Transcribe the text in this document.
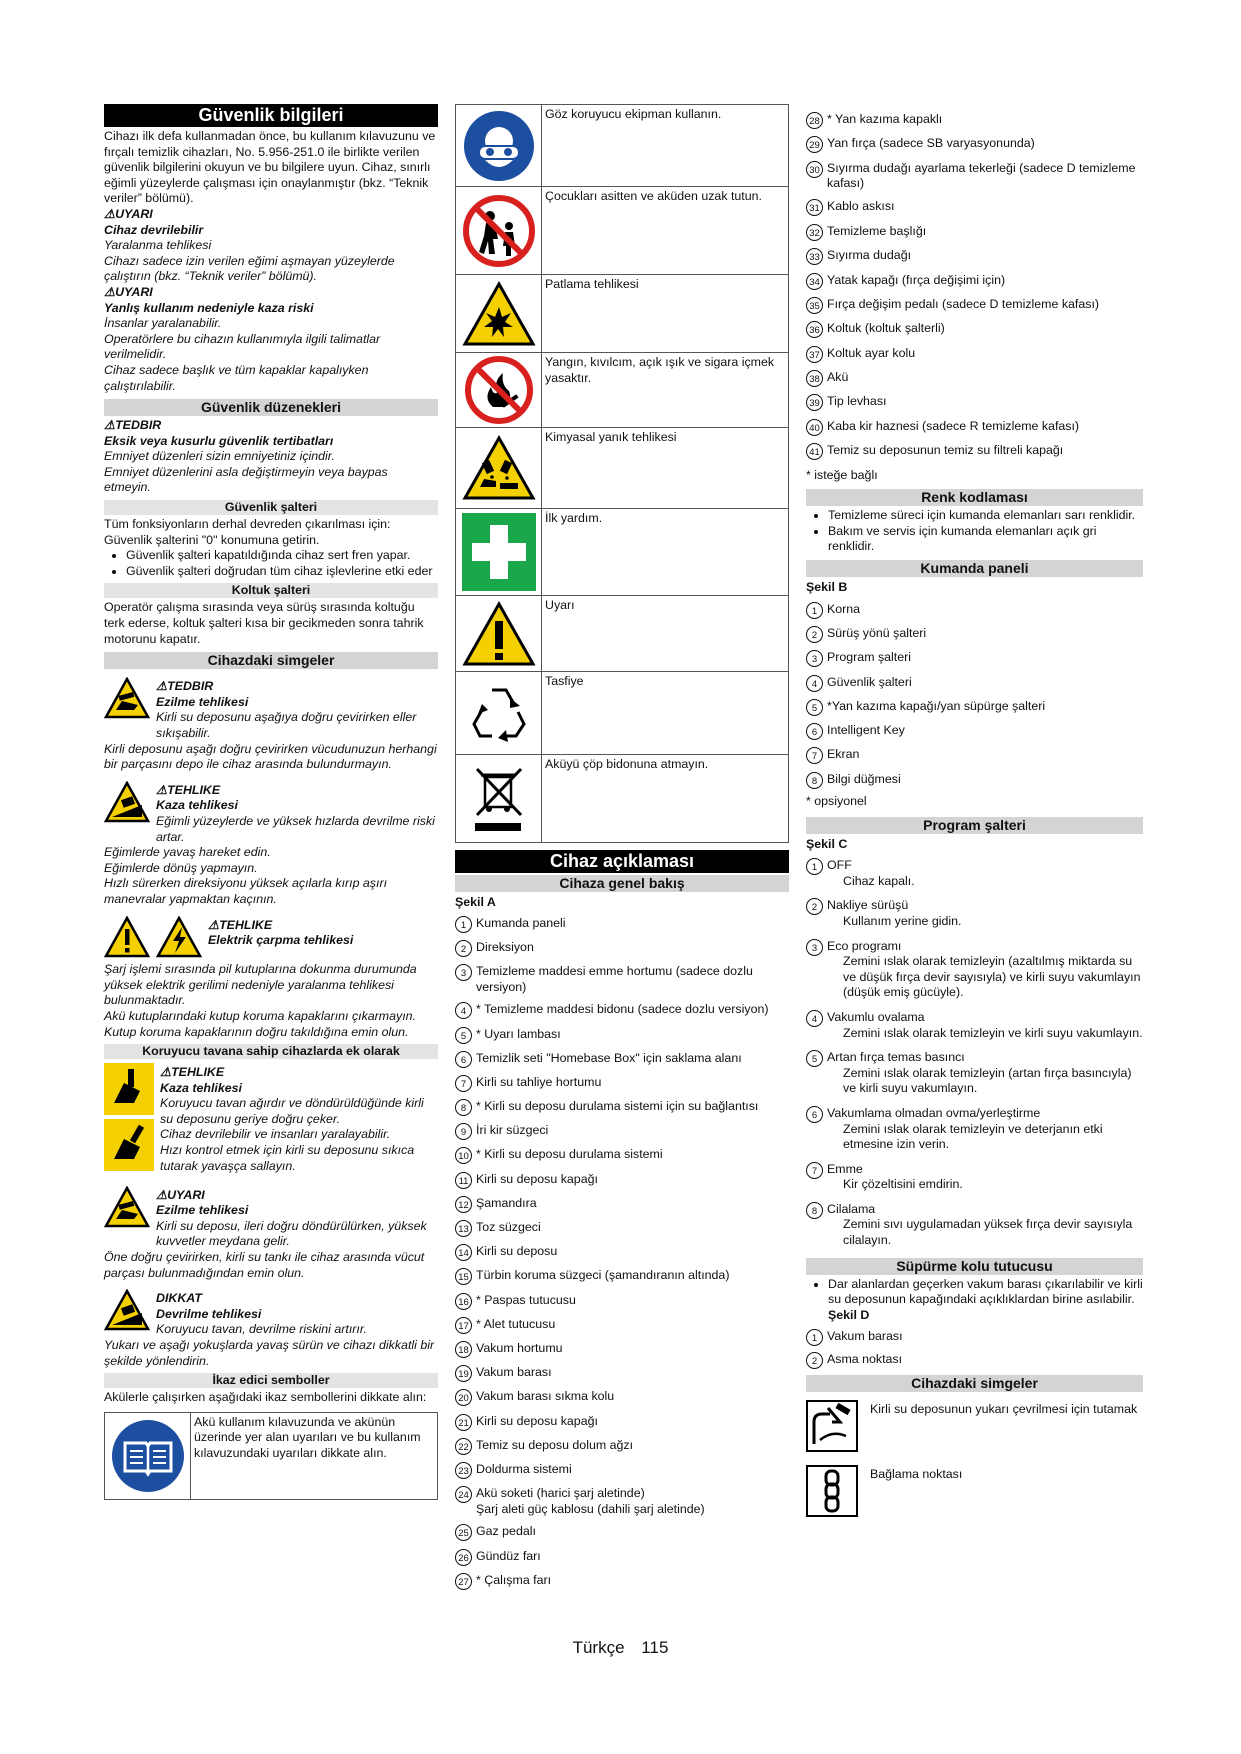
Güvenlik bilgileri

Cihazı ilk defa kullanmadan önce, bu kullanım kılavuzunu ve fırçalı temizlik cihazları, No. 5.956-251.0 ile birlikte verilen güvenlik bilgilerini okuyun ve bu bilgilere uyun. Cihaz, sınırlı eğimli yüzeylerde çalışması için onaylanmıştır (bkz. “Teknik veriler” bölümü).

⚠UYARI

Cihaz devrilebilir

Yaralanma tehlikesi

Cihazı sadece izin verilen eğimi aşmayan yüzeylerde çalıştırın (bkz. “Teknik veriler” bölümü).

⚠UYARI

Yanlış kullanım nedeniyle kaza riski

İnsanlar yaralanabilir.

Operatörlere bu cihazın kullanımıyla ilgili talimatlar verilmelidir.

Cihaz sadece başlık ve tüm kapaklar kapalıyken çalıştırılabilir.

Güvenlik düzenekleri

⚠TEDBIR

Eksik veya kusurlu güvenlik tertibatları

Emniyet düzenleri sizin emniyetiniz içindir.

Emniyet düzenlerini asla değiştirmeyin veya baypas etmeyin.

Güvenlik şalteri

Tüm fonksiyonların derhal devreden çıkarılması için: Güvenlik şalterini "0" konumuna getirin.

• Güvenlik şalteri kapatıldığında cihaz sert fren yapar.
• Güvenlik şalteri doğrudan tüm cihaz işlevlerine etki eder
Koltuk şalteri

Operatör çalışma sırasında veya sürüş sırasında koltuğu terk ederse, koltuk şalteri kısa bir gecikmeden sonra tahrik motorunu kapatır.

Cihazdaki simgeler

⚠TEDBIR

Ezilme tehlikesi

Kirli su deposunu aşağıya doğru çevirirken eller sıkışabilir.

Kirli deposunu aşağı doğru çevirirken vücudunuzun herhangi bir parçasını depo ile cihaz arasında bulundurmayın.

⚠TEHLIKE

Kaza tehlikesi

Eğimli yüzeylerde ve yüksek hızlarda devrilme riski artar.

Eğimlerde yavaş hareket edin.

Eğimlerde dönüş yapmayın.

Hızlı sürerken direksiyonu yüksek açılarla kırıp aşırı manevralar yapmaktan kaçının.

⚠TEHLIKE

Elektrik çarpma tehlikesi

Şarj işlemi sırasında pil kutuplarına dokunma durumunda yüksek elektrik gerilimi nedeniyle yaralanma tehlikesi bulunmaktadır.

Akü kutuplarındaki kutup koruma kapaklarını çıkarmayın.

Kutup koruma kapaklarının doğru takıldığına emin olun.

Koruyucu tavana sahip cihazlarda ek olarak

⚠TEHLIKE

Kaza tehlikesi

Koruyucu tavan ağırdır ve döndürüldüğünde kirli su deposunu geriye doğru çeker.

Cihaz devrilebilir ve insanları yaralayabilir.

Hızı kontrol etmek için kirli su deposunu sıkıca tutarak yavaşça sallayın.

⚠UYARI

Ezilme tehlikesi

Kirli su deposu, ileri doğru döndürülürken, yüksek kuvvetler meydana gelir.

Öne doğru çevirirken, kirli su tankı ile cihaz arasında vücut parçası bulunmadığından emin olun.

DIKKAT

Devrilme tehlikesi

Koruyucu tavan, devrilme riskini artırır.

Yukarı ve aşağı yokuşlarda yavaş sürün ve cihazı dikkatli bir şekilde yönlendirin.

İkaz edici semboller

Akülerle çalışırken aşağıdaki ikaz sembollerini dikkate alın:

Akü kullanım kılavuzunda ve akünün üzerinde yer alan uyarıları ve bu kullanım kılavuzundaki uyarıları dikkate alın.
Göz koruyucu ekipman kullanın.
Çocukları asitten ve aküden uzak tutun.
Patlama tehlikesi
Yangın, kıvılcım, açık ışık ve sigara içmek yasaktır.
Kimyasal yanık tehlikesi
İlk yardım.
Uyarı
Tasfiye
Aküyü çöp bidonuna atmayın.
Cihaz açıklaması
Cihaza genel bakış

Şekil A

1 Kumanda paneli
2 Direksiyon
3 Temizleme maddesi emme hortumu (sadece dozlu versiyon)
4 * Temizleme maddesi bidonu (sadece dozlu versiyon)
5 * Uyarı lambası
6 Temizlik seti "Homebase Box" için saklama alanı
7 Kirli su tahliye hortumu
8 * Kirli su deposu durulama sistemi için su bağlantısı
9 İri kir süzgeci
10 * Kirli su deposu durulama sistemi
11 Kirli su deposu kapağı
12 Şamandıra
13 Toz süzgeci
14 Kirli su deposu
15 Türbin koruma süzgeci (şamandıranın altında)
16 * Paspas tutucusu
17 * Alet tutucusu
18 Vakum hortumu
19 Vakum barası
20 Vakum barası sıkma kolu
21 Kirli su deposu kapağı
22 Temiz su deposu dolum ağzı
23 Doldurma sistemi
24 Akü soketi (harici şarj aletinde)
Şarj aleti güç kablosu (dahili şarj aletinde)
25 Gaz pedalı
26 Gündüz farı
27 * Çalışma farı
28 * Yan kazıma kapaklı
29 Yan fırça (sadece SB varyasyonunda)
30 Sıyırma dudağı ayarlama tekerleği (sadece D temizleme kafası)
31 Kablo askısı
32 Temizleme başlığı
33 Sıyırma dudağı
34 Yatak kapağı (fırça değişimi için)
35 Fırça değişim pedalı (sadece D temizleme kafası)
36 Koltuk (koltuk şalterli)
37 Koltuk ayar kolu
38 Akü
39 Tip levhası
40 Kaba kir haznesi (sadece R temizleme kafası)
41 Temiz su deposunun temiz su filtreli kapağı

* isteğe bağlı

Renk kodlaması
• Temizleme süreci için kumanda elemanları sarı renklidir.
• Bakım ve servis için kumanda elemanları açık gri renklidir.
Kumanda paneli

Şekil B

1 Korna
2 Sürüş yönü şalteri
3 Program şalteri
4 Güvenlik şalteri
5 *Yan kazıma kapağı/yan süpürge şalteri
6 Intelligent Key
7 Ekran
8 Bilgi düğmesi

* opsiyonel

Program şalteri

Şekil C

1 OFF
Cihaz kapalı.
2 Nakliye sürüşü
Kullanım yerine gidin.
3 Eco programı
Zemini ıslak olarak temizleyin (azaltılmış miktarda su ve düşük fırça devir sayısıyla) ve kirli suyu vakumlayın (düşük emiş gücüyle).
4 Vakumlu ovalama
Zemini ıslak olarak temizleyin ve kirli suyu vakumlayın.
5 Artan fırça temas basıncı
Zemini ıslak olarak temizleyin (artan fırça basıncıyla) ve kirli suyu vakumlayın.
6 Vakumlama olmadan ovma/yerleştirme
Zemini ıslak olarak temizleyin ve deterjanın etki etmesine izin verin.
7 Emme
Kir çözeltisini emdirin.
8 Cilalama
Zemini sıvı uygulamadan yüksek fırça devir sayısıyla cilalayın.
Süpürme kolu tutucusu
• Dar alanlardan geçerken vakum barası çıkarılabilir ve kirli su deposunun kapağındaki açıklıklardan birine asılabilir.

Şekil D

1 Vakum barası
2 Asma noktası
Cihazdaki simgeler
Kirli su deposunun yukarı çevrilmesi için tutamak
Bağlama noktası
Türkçe 115
